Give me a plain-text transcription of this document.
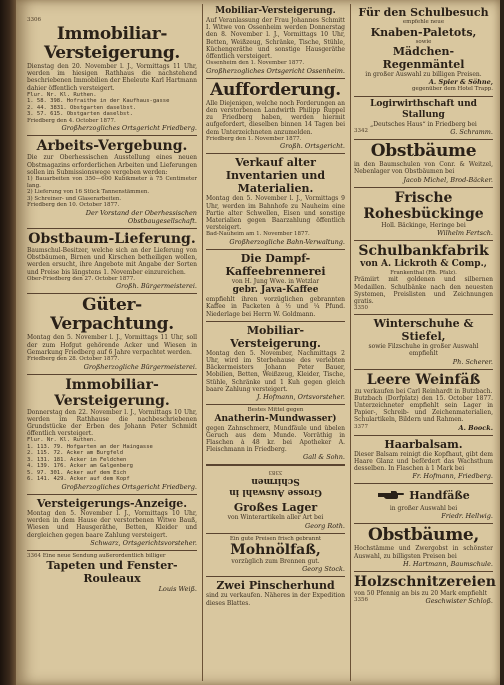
3306
Immobiliar-Versteigerung.
Dienstag den 20. November l. J., Vormittags 11 Uhr, werden im hiesigen Rathhaus die nachstehend beschriebenen Immobilien der Eheleute Karl Hartmann dahier öffentlich versteigert.
Flur. Nr. Kl. Ruthen.
1. 58. 398. Hofraithe in der Kaufhaus-gasse
2. 44. 3831. Obstgarten daselbst.
3. 57. 615. Obstgarten daselbst.
Friedberg den 4. October 1877.
Großherzogliches Ortsgericht Friedberg.
Arbeits-Vergebung.
Die zur Oberhessischen Ausstellung eines neuen Obstmagazins erforderlichen Arbeiten und Lieferungen sollen im Submissionswege vergeben werden:
1) Bauarbeiten von 350—600 Kubikmeter à 75 Centimeter lang.
2) Lieferung von 16 Stück Tannenstämmen.
3) Schreiner- und Glaserarbeiten.
Friedberg den 10. October 1877.
Der Vorstand der Oberhessischen Obstbaugesellschaft.
Obstbaum-Lieferung.
Baumschul-Besitzer, welche sich an der Lieferung von Obstbäumen, Birnen und Kirschen betheiligen wollen, werden ersucht, ihre Angebote mit Angabe der Sorten und Preise bis längstens 1. November einzureichen.
Ober-Friedberg den 27. October 1877.
Großh. Bürgermeisterei.
Güter-Verpachtung.
Montag den 5. November l. J., Vormittags 11 Uhr, soll der zum Hofgut gehörende Acker und Wiesen in Gemarkung Friedberg auf 6 Jahre verpachtet werden.
Friedberg den 28. October 1877.
Großherzogliche Bürgermeisterei.
Immobiliar-Versteigerung.
Donnerstag den 22. November l. J., Vormittags 10 Uhr, werden im Rathhause die nachbeschriebenen Grundstücke der Erben des Johann Peter Schmidt öffentlich versteigert.
Flur. Nr. Kl. Ruthen.
1. 113. 79. Hofgarten an der Haingasse
2. 115. 72. Acker am Burgfeld
3. 131. 181. Acker im Feldchen
4. 139. 176. Acker am Galgenberg
5. 97. 301. Acker auf dem Eich
6. 141. 429. Acker auf dem Kopf
Großherzogliches Ortsgericht Friedberg.
Versteigerungs-Anzeige.
Montag den 5. November l. J., Vormittags 10 Uhr, werden in dem Hause der verstorbenen Witwe Bauß, Wiesen und Hausgeräthe, Betten, Kleider und dergleichen gegen baare Zahlung versteigert.
Schwarz, Ortsgerichtsvorsteher.
3364 Eine neue Sendung außerordentlich billiger
Tapeten und Fenster-Rouleaux
Louis Weiß.
Mobiliar-Versteigerung.
Auf Veranlassung der Frau Johannes Schmitt I. Witwe von Ossenheim werden Donnerstag den 8. November l. J., Vormittags 10 Uhr, Betten, Weißzeug, Schränke, Tische, Stühle, Küchengeräthe und sonstige Hausgeräthe öffentlich versteigert.
Ossenheim den 1. November 1877.
Großherzogliches Ortsgericht Ossenheim.
Aufforderung.
Alle Diejenigen, welche noch Forderungen an den verstorbenen Landwirth Philipp Ruppel zu Friedberg haben, werden hiermit aufgefordert, dieselben binnen 14 Tagen bei dem Unterzeichneten anzumelden.
Friedberg den 1. November 1877.
Großh. Ortsgericht.
Verkauf alter Inventarien und Materialien.
Montag den 5. November l. J., Vormittags 9 Uhr, werden im Bahnhofe zu Nauheim eine Partie alter Schwellen, Eisen und sonstige Materialien gegen Baarzahlung öffentlich versteigert.
Bad-Nauheim am 1. November 1877.
Großherzogliche Bahn-Verwaltung.
Die Dampf-Kaffeebrennerei
von H. Jung Wwe. in Wetzlar
gebr. Java-Kaffee
empfiehlt ihren vorzüglichen gebrannten Kaffee in Packeten à ½ und ¼ Pfund. Niederlage bei Herrn W. Goldmann.
Mobiliar-Versteigerung.
Montag den 5. November, Nachmittags 2 Uhr, wird im Sterbehause des verlebten Bäckermeisters Johann Peter Bauer, Mobilien, Betten, Weißzeug, Kleider, Tische, Stühle, Schränke und 1 Kuh gegen gleich baare Zahlung versteigert.
J. Hofmann, Ortsvorsteher.
Bestes Mittel gegen
Anatherin-Mundwasser)
gegen Zahnschmerz, Mundfäule und übelen Geruch aus dem Munde. Vorräthig in Flaschen à 48 kr. bei Apotheker A. Fleischmann in Friedberg.
Gall & Sohn.
Grosse Auswahl in Schirmen
3383
Großes Lager
von Winterartikeln aller Art bei
Georg Roth.
Ein gute Preisen frisch gebrannt
Mohnölfaß,
vorzüglich zum Brennen gut.
Georg Stock.
Zwei Pinscherhund
sind zu verkaufen. Näheres in der Expedition dieses Blattes.
Für den Schulbesuch
empfehle neue
Knaben-Paletots,
sowie
Mädchen-Regenmäntel
in großer Auswahl zu billigen Preisen.
A. Spier & Söhne,
gegenüber dem Hotel Trapp.
Logirwirthschaft und Stallung
„Deutsches Haus“ in Friedberg bei
3342	G. Schramm.
Obstbäume
in den Baumschulen von Conr. & Weitzel, Nebenlager von Obstbäumen bei
Jacob Michel, Brod-Bäcker.
Frische Rohesbückinge
Holl. Bäckinge, Heringe bei
Wilhelm Fertsch.
Schulbankfabrik
von A. Lickroth & Comp.,
Frankenthal (Rh. Pfalz).
Prämiirt mit goldenen und silbernen Medaillen. Schulbänke nach den neuesten Systemen, Preislisten und Zeichnungen gratis.
3350
Winterschuhe & Stiefel,
sowie Filzschuhe in großer Auswahl empfiehlt
Ph. Scherer.
Leere Weinfäß
zu verkaufen bei Carl Reinhardt in Butzbach.
Butzbach (Dorfplatz) den 15. October 1877. Unterzeichneter empfiehlt sein Lager in Papier-, Schreib- und Zeichenmaterialien, Schulartikeln, Bildern und Rahmen.
3377	A. Boock.
Haarbalsam.
Dieser Balsam reinigt die Kopfhaut, gibt dem Haare Glanz und befördert das Wachsthum desselben. In Flaschen à 1 Mark bei
Fr. Hofmann, Friedberg.
Handfäße
in großer Auswahl bei
Friedr. Hellwig.
Obstbäume,
Hochstämme und Zwergobst in schönster Auswahl, zu billigsten Preisen bei
H. Hartmann, Baumschule.
Holzschnitzereien
von 50 Pfennig an bis zu 20 Mark empfiehlt
3356	Geschwister Schloß.
